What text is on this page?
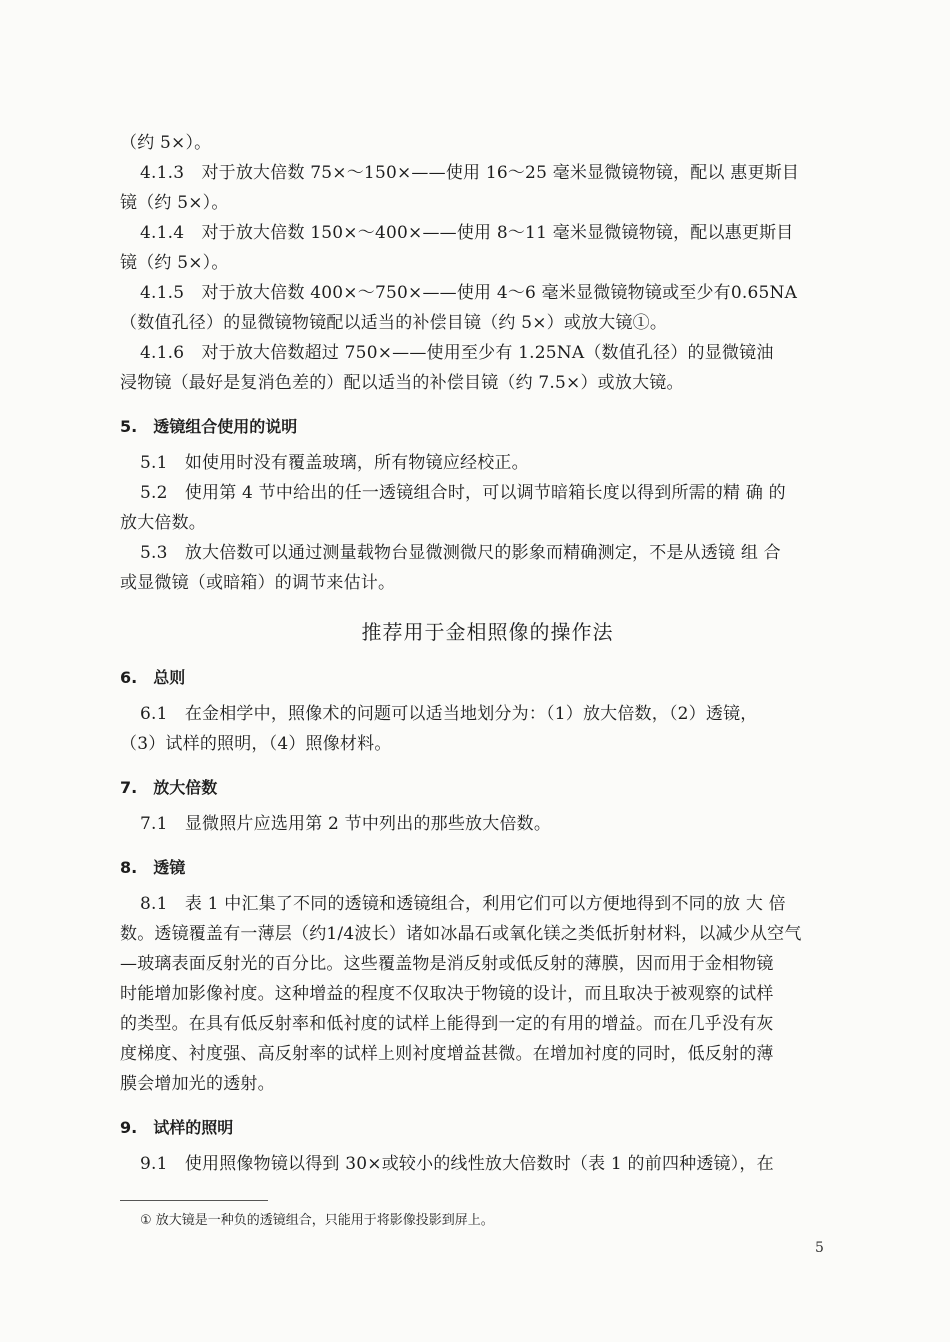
（约 5×）。
4.1.3　对于放大倍数 75×～150×——使用 16～25 毫米显微镜物镜，配以 惠更斯目
镜（约 5×）。
4.1.4　对于放大倍数 150×～400×——使用 8～11 毫米显微镜物镜，配以惠更斯目
镜（约 5×）。
4.1.5　对于放大倍数 400×～750×——使用 4～6 毫米显微镜物镜或至少有0.65NA
（数值孔径）的显微镜物镜配以适当的补偿目镜（约 5×）或放大镜①。
4.1.6　对于放大倍数超过 750×——使用至少有 1.25NA（数值孔径）的显微镜油
浸物镜（最好是复消色差的）配以适当的补偿目镜（约 7.5×）或放大镜。
5.　透镜组合使用的说明
5.1　如使用时没有覆盖玻璃，所有物镜应经校正。
5.2　使用第 4 节中给出的任一透镜组合时，可以调节暗箱长度以得到所需的精 确 的
放大倍数。
5.3　放大倍数可以通过测量载物台显微测微尺的影象而精确测定，不是从透镜 组 合
或显微镜（或暗箱）的调节来估计。
推荐用于金相照像的操作法
6.　总则
6.1　在金相学中，照像术的问题可以适当地划分为：（1）放大倍数，（2）透镜，
（3）试样的照明，（4）照像材料。
7.　放大倍数
7.1　显微照片应选用第 2 节中列出的那些放大倍数。
8.　透镜
8.1　表 1 中汇集了不同的透镜和透镜组合，利用它们可以方便地得到不同的放 大 倍
数。透镜覆盖有一薄层（约1/4波长）诸如冰晶石或氧化镁之类低折射材料，以减少从空气
—玻璃表面反射光的百分比。这些覆盖物是消反射或低反射的薄膜，因而用于金相物镜
时能增加影像衬度。这种增益的程度不仅取决于物镜的设计，而且取决于被观察的试样
的类型。在具有低反射率和低衬度的试样上能得到一定的有用的增益。而在几乎没有灰
度梯度、衬度强、高反射率的试样上则衬度增益甚微。在增加衬度的同时，低反射的薄
膜会增加光的透射。
9.　试样的照明
9.1　使用照像物镜以得到 30×或较小的线性放大倍数时（表 1 的前四种透镜），在
① 放大镜是一种负的透镜组合，只能用于将影像投影到屏上。
5
